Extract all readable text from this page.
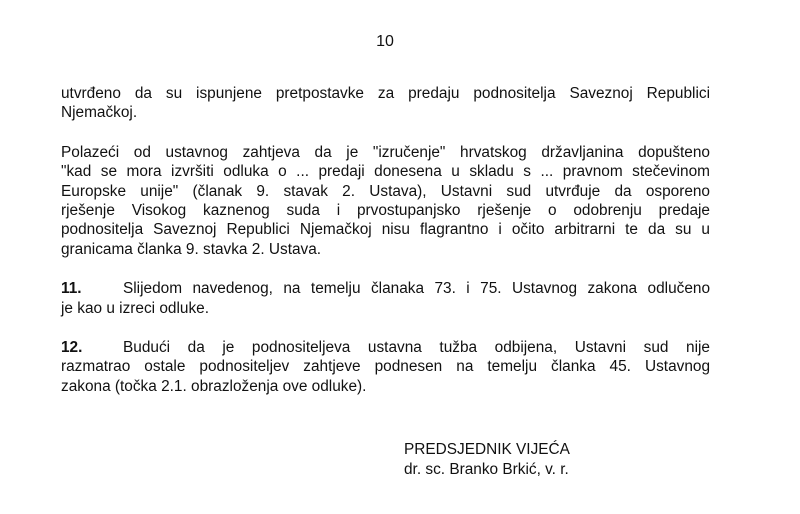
10
utvrđeno da su ispunjene pretpostavke za predaju podnositelja Saveznoj Republici
Njemačkoj.
Polazeći od ustavnog zahtjeva da je "izručenje" hrvatskog državljanina dopušteno
"kad se mora izvršiti odluka o ... predaji donesena u skladu s ... pravnom stečevinom
Europske unije" (članak 9. stavak 2. Ustava), Ustavni sud utvrđuje da osporeno
rješenje Visokog kaznenog suda i prvostupanjsko rješenje o odobrenju predaje
podnositelja Saveznoj Republici Njemačkoj nisu flagrantno i očito arbitrarni te da su u
granicama članka 9. stavka 2. Ustava.
11.	Slijedom navedenog, na temelju članaka 73. i 75. Ustavnog zakona odlučeno
je kao u izreci odluke.
12.	Budući da je podnositeljeva ustavna tužba odbijena, Ustavni sud nije
razmatrao ostale podnositeljev zahtjeve podnesen na temelju članka 45. Ustavnog
zakona (točka 2.1. obrazloženja ove odluke).
PREDSJEDNIK VIJEĆA
dr. sc. Branko Brkić, v. r.
